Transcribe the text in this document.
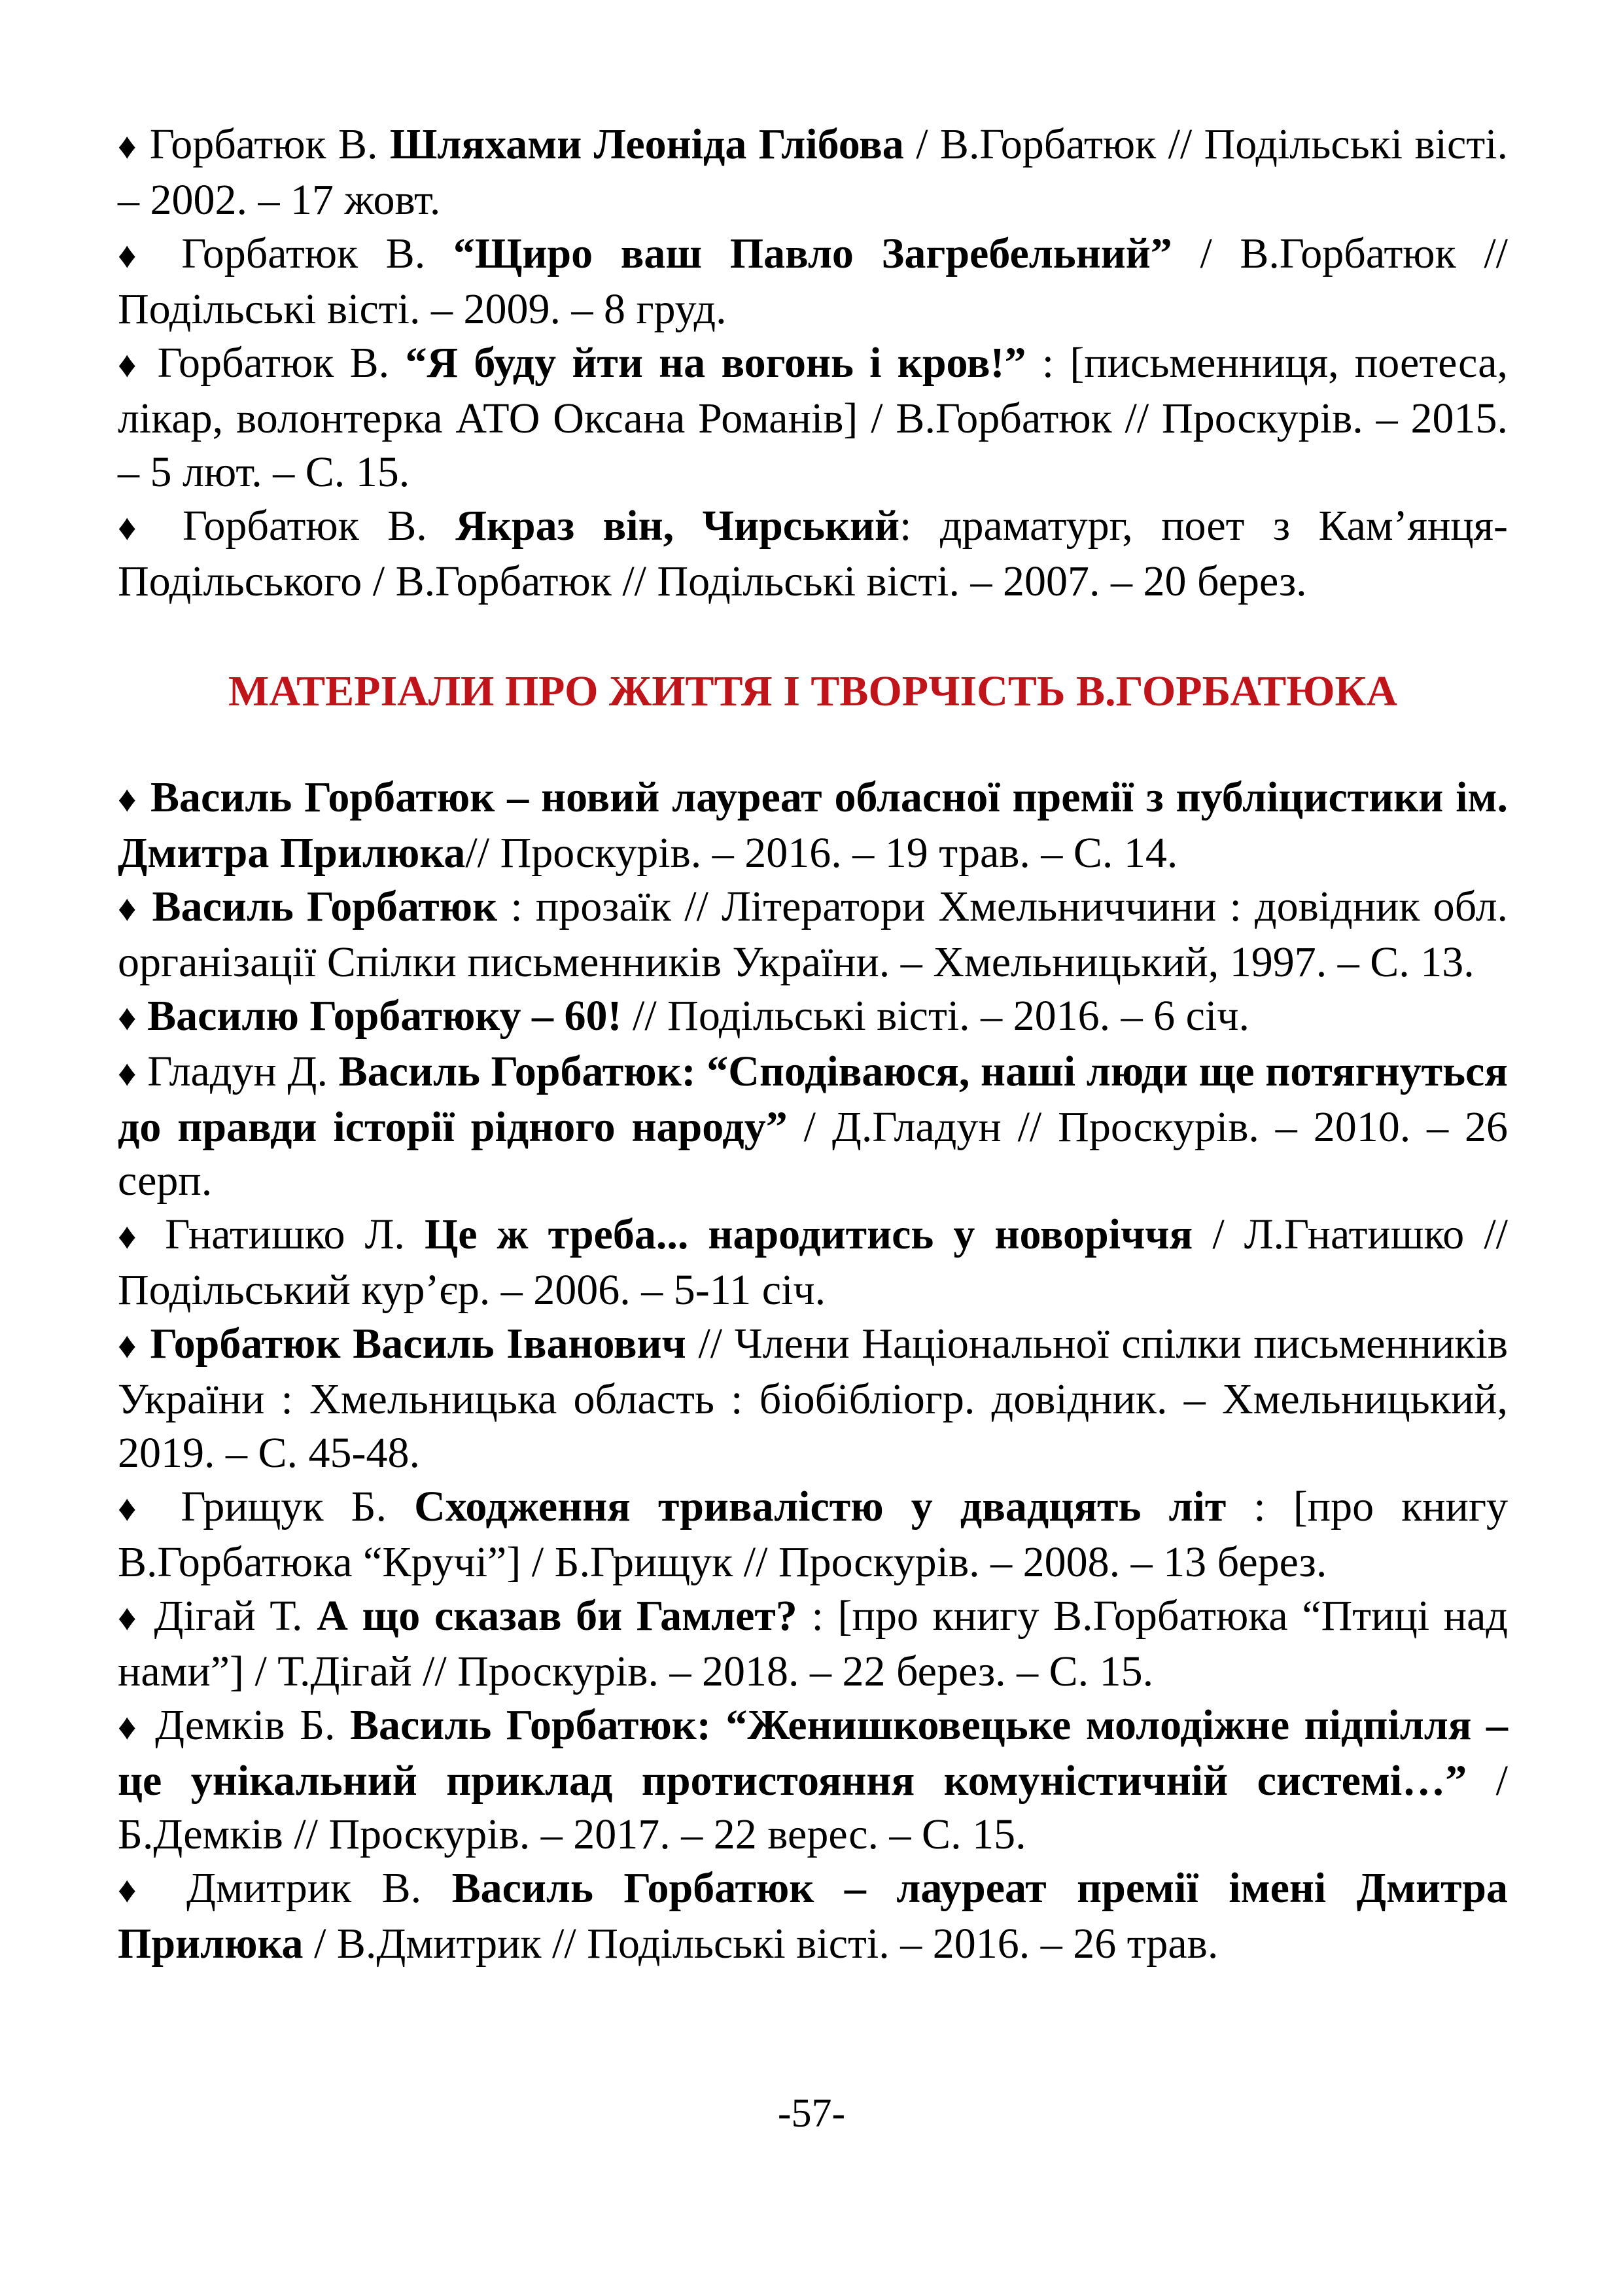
♦ Горбатюк В. Шляхами Леоніда Глібова / В.Горбатюк // Подільські вісті. – 2002. – 17 жовт.

♦ Горбатюк В. “Щиро ваш Павло Загребельний” / В.Горбатюк // Подільські вісті. – 2009. – 8 груд.

♦ Горбатюк В. “Я буду йти на вогонь і кров!” : [письменниця, поетеса, лікар, волонтерка АТО Оксана Романів] / В.Горбатюк // Проскурів. – 2015. – 5 лют. – С. 15.

♦ Горбатюк В. Якраз він, Чирський: драматург, поет з Кам’янця-Подільського / В.Горбатюк // Подільські вісті. – 2007. – 20 берез.

МАТЕРІАЛИ ПРО ЖИТТЯ І ТВОРЧІСТЬ В.ГОРБАТЮКА

♦ Василь Горбатюк – новий лауреат обласної премії з публіцистики ім. Дмитра Прилюка// Проскурів. – 2016. – 19 трав. – С. 14.

♦ Василь Горбатюк : прозаїк // Літератори Хмельниччини : довідник обл. організації Спілки письменників України. – Хмельницький, 1997. – С. 13.

♦ Василю Горбатюку – 60! // Подільські вісті. – 2016. – 6 січ.

♦ Гладун Д. Василь Горбатюк: “Сподіваюся, наші люди ще потягнуться до правди історії рідного народу” / Д.Гладун // Проскурів. – 2010. – 26 серп.

♦ Гнатишко Л. Це ж треба... народитись у новоріччя / Л.Гнатишко // Подільський кур’єр. – 2006. – 5-11 січ.

♦ Горбатюк Василь Іванович // Члени Національної спілки письменників України : Хмельницька область : біобібліогр. довідник. – Хмельницький, 2019. – С. 45-48.

♦ Грищук Б. Сходження тривалістю у двадцять літ : [про книгу В.Горбатюка “Кручі”] / Б.Грищук // Проскурів. – 2008. – 13 берез.

♦ Дігай Т. А що сказав би Гамлет? : [про книгу В.Горбатюка “Птиці над нами”] / Т.Дігай // Проскурів. – 2018. – 22 берез. – С. 15.

♦ Демків Б. Василь Горбатюк: “Женишковецьке молодіжне підпілля – це унікальний приклад протистояння комуністичній системі…” / Б.Демків // Проскурів. – 2017. – 22 верес. – С. 15.

♦ Дмитрик В. Василь Горбатюк – лауреат премії імені Дмитра Прилюка / В.Дмитрик // Подільські вісті. – 2016. – 26 трав.

-57-
